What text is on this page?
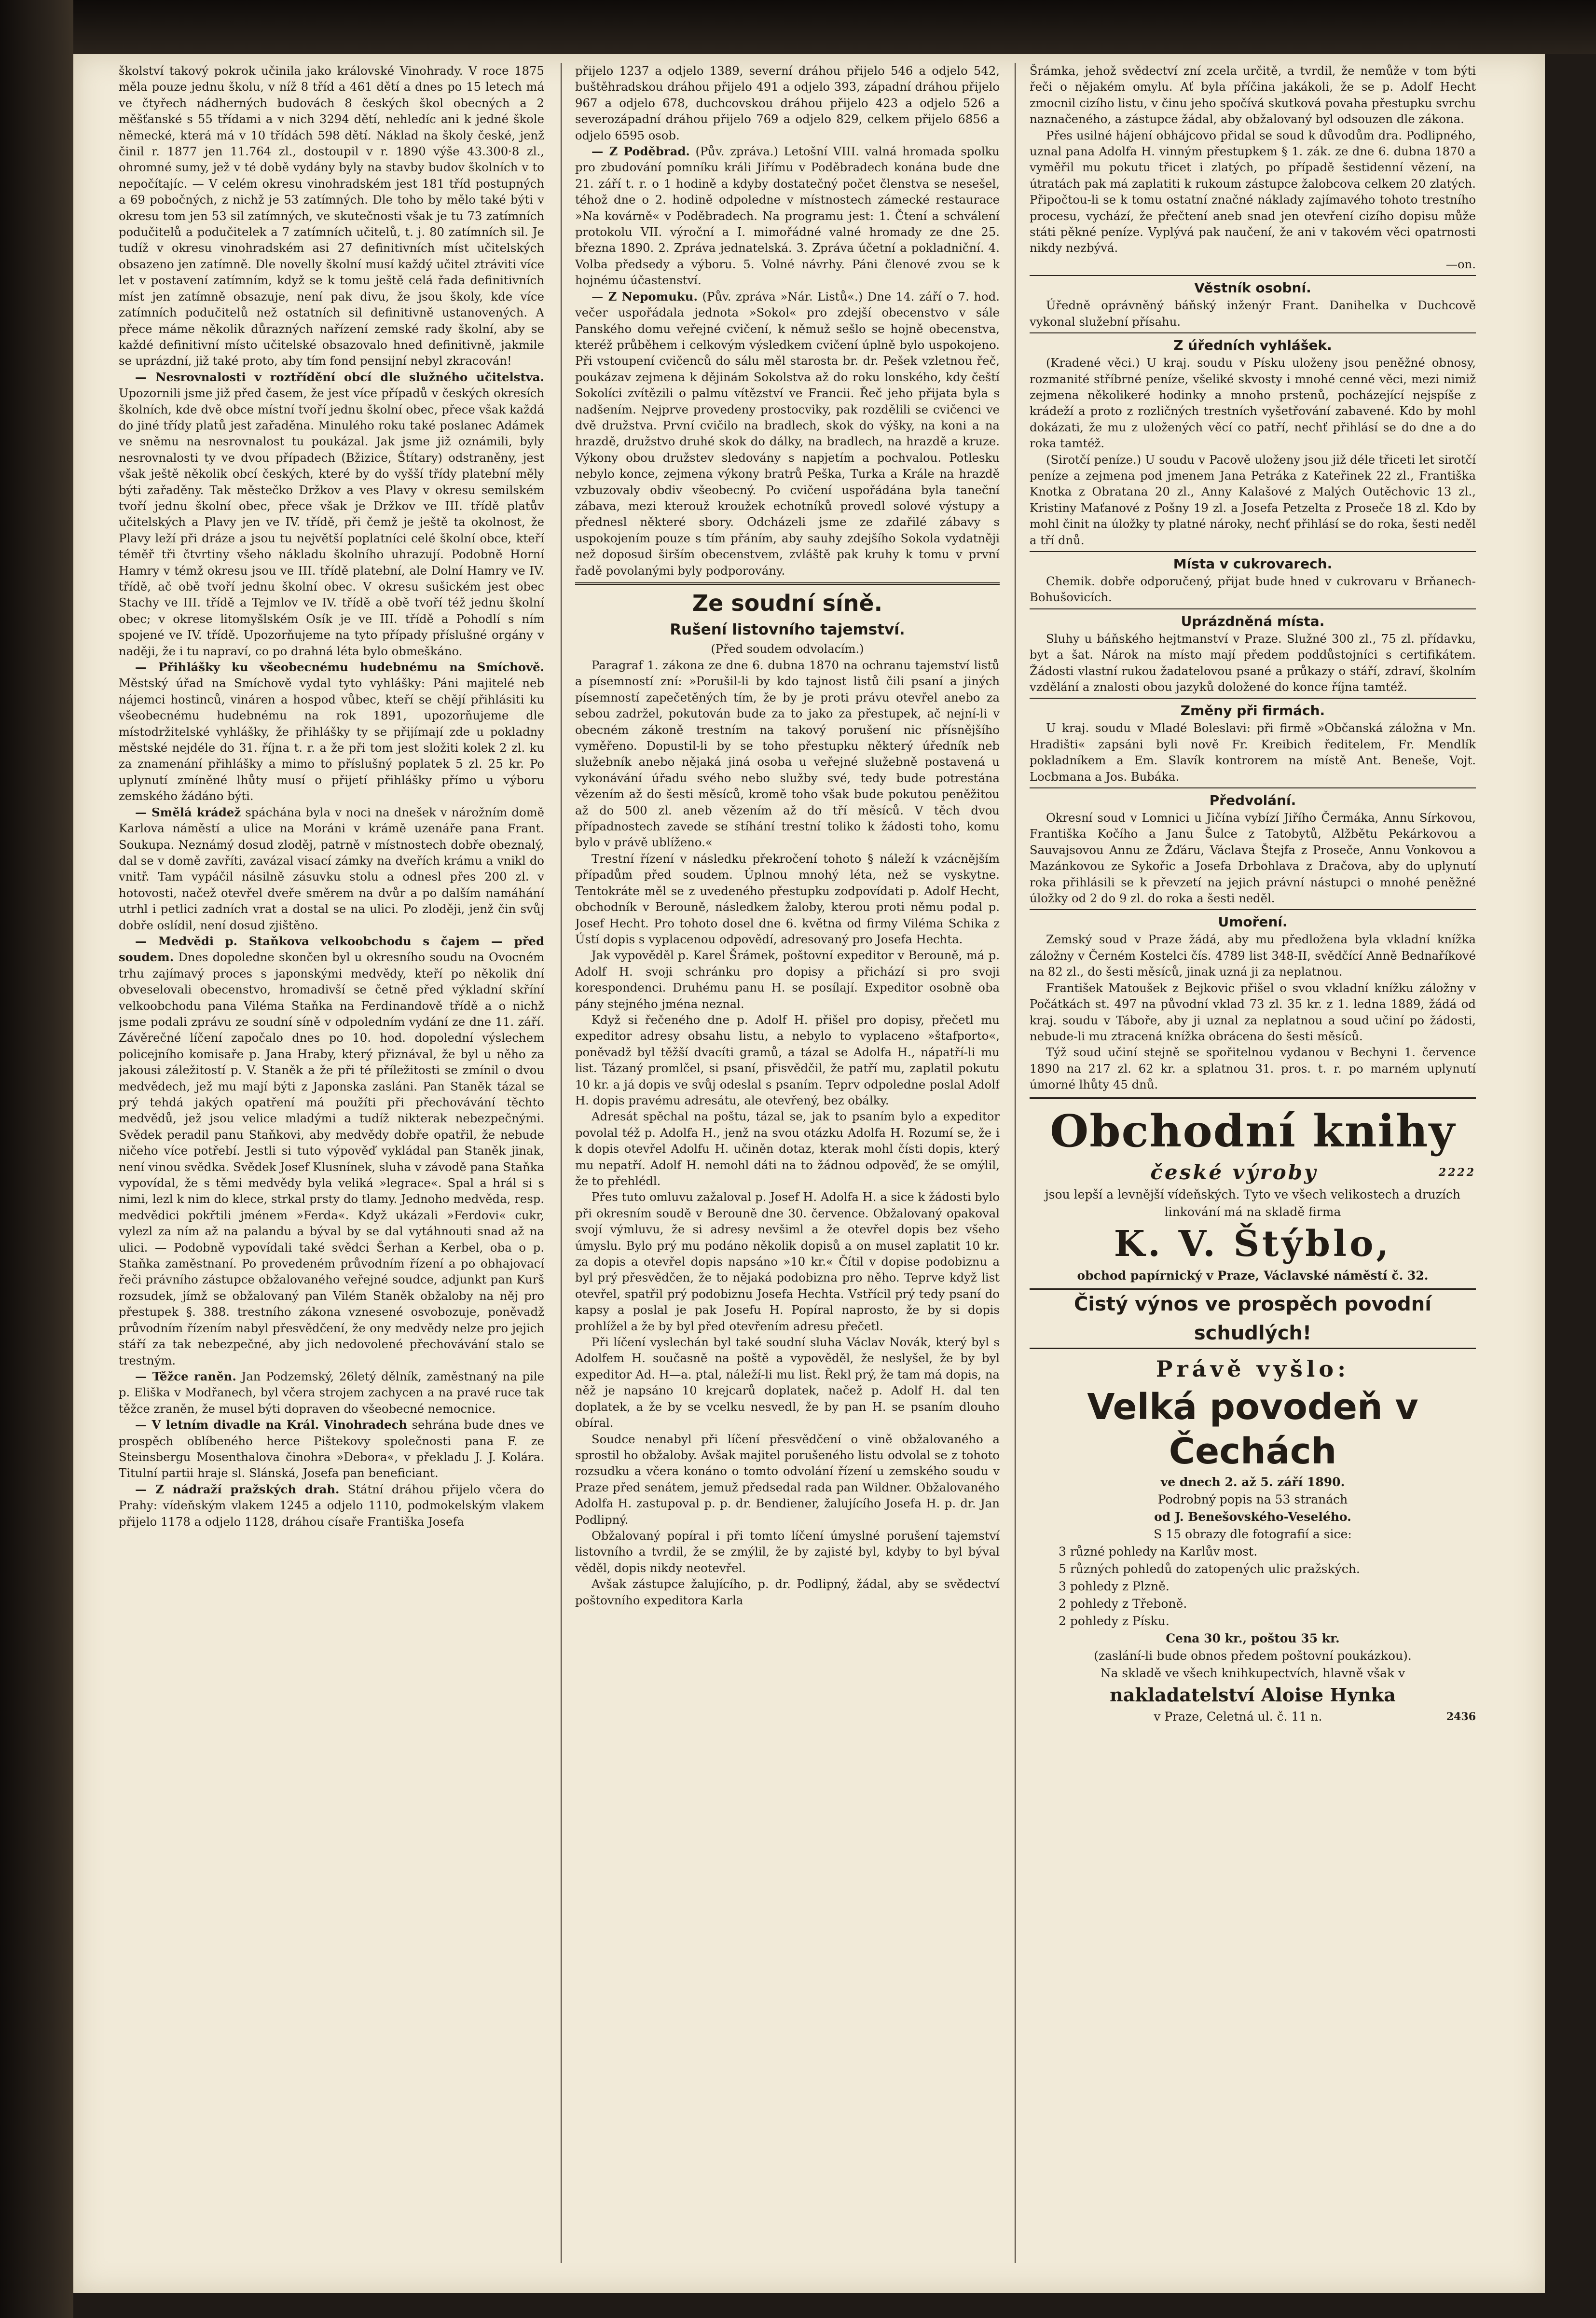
školství takový pokrok učinila jako královské Vinohrady. V roce 1875 měla pouze jednu školu, v níž 8 tříd a 461 dětí a dnes po 15 letech má ve čtyřech nádherných budovách 8 českých škol obecných a 2 měšťanské s 55 třídami a v nich 3294 dětí, nehledíc ani k jedné škole německé, která má v 10 třídách 598 dětí. Náklad na školy české, jenž činil r. 1877 jen 11.764 zl., dostoupil v r. 1890 výše 43.300·8 zl., ohromné sumy, jež v té době vydány byly na stavby budov školních v to nepočítajíc. — V celém okresu vinohradském jest 181 tříd postupných a 69 pobočných, z nichž je 53 zatímných. Dle toho by mělo také býti v okresu tom jen 53 sil zatímných, ve skutečnosti však je tu 73 zatímních podučitelů a podučitelek a 7 zatímních učitelů, t. j. 80 zatímních sil. Je tudíž v okresu vinohradském asi 27 definitivních míst učitelských obsazeno jen zatímně. Dle novelly školní musí každý učitel ztráviti více let v postavení zatímním, když se k tomu ještě celá řada definitivních míst jen zatímně obsazuje, není pak divu, že jsou školy, kde více zatímních podučitelů než ostatních sil definitivně ustanovených. A přece máme několik důrazných nařízení zemské rady školní, aby se každé definitivní místo učitelské obsazovalo hned definitivně, jakmile se uprázdní, již také proto, aby tím fond pensijní nebyl zkracován!

— Nesrovnalosti v roztřídění obcí dle služného učitelstva. Upozornili jsme již před časem, že jest více případů v českých okresích školních, kde dvě obce místní tvoří jednu školní obec, přece však každá do jiné třídy platů jest zařaděna. Minulého roku také poslanec Adámek ve sněmu na nesrovnalost tu poukázal. Jak jsme již oznámili, byly nesrovnalosti ty ve dvou případech (Bžizice, Štítary) odstraněny, jest však ještě několik obcí českých, které by do vyšší třídy platební měly býti zařaděny. Tak městečko Držkov a ves Plavy v okresu semilském tvoří jednu školní obec, přece však je Držkov ve III. třídě platův učitelských a Plavy jen ve IV. třídě, při čemž je ještě ta okolnost, že Plavy leží při dráze a jsou tu největší poplatníci celé školní obce, kteří téměř tři čtvrtiny všeho nákladu školního uhrazují. Podobně Horní Hamry v témž okresu jsou ve III. třídě platební, ale Dolní Hamry ve IV. třídě, ač obě tvoří jednu školní obec. V okresu sušickém jest obec Stachy ve III. třídě a Tejmlov ve IV. třídě a obě tvoří též jednu školní obec; v okrese litomyšlském Osík je ve III. třídě a Pohodlí s ním spojené ve IV. třídě. Upozorňujeme na tyto případy příslušné orgány v naději, že i tu napraví, co po drahná léta bylo obmeškáno.

— Přihlášky ku všeobecnému hudebnému na Smíchově. Městský úřad na Smíchově vydal tyto vyhlášky: Páni majitelé neb nájemci hostinců, vináren a hospod vůbec, kteří se chějí přihlásiti ku všeobecnému hudebnému na rok 1891, upozorňujeme dle místodržitelské vyhlášky, že přihlášky ty se přijímají zde u pokladny městské nejdéle do 31. října t. r. a že při tom jest složiti kolek 2 zl. ku za znamenání přihlášky a mimo to příslušný poplatek 5 zl. 25 kr. Po uplynutí zmíněné lhůty musí o přijetí přihlášky přímo u výboru zemského žádáno býti.

— Smělá krádež spáchána byla v noci na dnešek v nárožním domě Karlova náměstí a ulice na Moráni v krámě uzenáře pana Frant. Soukupa. Neznámý dosud zloděj, patrně v místnostech dobře obeznalý, dal se v domě zavříti, zavázal visací zámky na dveřích krámu a vnikl do vnitř. Tam vypáčil násilně zásuvku stolu a odnesl přes 200 zl. v hotovosti, načež otevřel dveře směrem na dvůr a po dalším namáhání utrhl i petlici zadních vrat a dostal se na ulici. Po zloději, jenž čin svůj dobře oslídil, není dosud zjištěno.

— Medvědi p. Staňkova velkoobchodu s čajem — před soudem. Dnes dopoledne skončen byl u okresního soudu na Ovocném trhu zajímavý proces s japonskými medvědy, kteří po několik dní obveselovali obecenstvo, hromadivší se četně před výkladní skříní velkoobchodu pana Viléma Staňka na Ferdinandově třídě a o nichž jsme podali zprávu ze soudní síně v odpoledním vydání ze dne 11. září. Závěrečné líčení započalo dnes po 10. hod. dopolední výslechem policejního komisaře p. Jana Hraby, který přiznával, že byl u něho za jakousi záležitostí p. V. Staněk a že při té příležitosti se zmínil o dvou medvědech, jež mu mají býti z Japonska zasláni. Pan Staněk tázal se prý tehdá jakých opatření má použíti při přechovávání těchto medvědů, jež jsou velice mladými a tudíž nikterak nebezpečnými. Svědek peradil panu Staňkovi, aby medvědy dobře opatřil, že nebude ničeho více potřebí. Jestli si tuto výpověď vykládal pan Staněk jinak, není vinou svědka. Svědek Josef Klusnínek, sluha v závodě pana Staňka vypovídal, že s těmi medvědy byla veliká »legrace«. Spal a hrál si s nimi, lezl k nim do klece, strkal prsty do tlamy. Jednoho medvěda, resp. medvědici pokřtili jménem »Ferda«. Když ukázali »Ferdovi« cukr, vylezl za ním až na palandu a býval by se dal vytáhnouti snad až na ulici. — Podobně vypovídali také svědci Šerhan a Kerbel, oba o p. Staňka zaměstnaní. Po provedeném průvodním řízení a po obhajovací řeči právního zástupce obžalovaného veřejné soudce, adjunkt pan Kurš rozsudek, jímž se obžalovaný pan Vilém Staněk obžaloby na něj pro přestupek §. 388. trestního zákona vznesené osvobozuje, poněvadž průvodním řízením nabyl přesvědčení, že ony medvědy nelze pro jejich stáří za tak nebezpečné, aby jich nedovolené přechovávání stalo se trestným.

— Těžce raněn. Jan Podzemský, 26letý dělník, zaměstnaný na pile p. Eliška v Modřanech, byl včera strojem zachycen a na pravé ruce tak těžce zraněn, že musel býti dopraven do všeobecné nemocnice.

— V letním divadle na Král. Vinohradech sehrána bude dnes ve prospěch oblíbeného herce Piš̌tekovy společnosti pana F. ze Steinsbergu Mosenthalova činohra »Debora«, v překladu J. J. Kolára. Titulní partii hraje sl. Slánská, Josefa pan beneficiant.

— Z nádraží pražských drah. Státní dráhou přijelo včera do Prahy: vídeňským vlakem 1245 a odjelo 1110, podmokelským vlakem přijelo 1178 a odjelo 1128, dráhou císaře Františka Josefa

přijelo 1237 a odjelo 1389, severní dráhou přijelo 546 a odjelo 542, buštěhradskou dráhou přijelo 491 a odjelo 393, západní dráhou přijelo 967 a odjelo 678, duchcovskou dráhou přijelo 423 a odjelo 526 a severozápadní dráhou přijelo 769 a odjelo 829, celkem přijelo 6856 a odjelo 6595 osob.

— Z Poděbrad. (Pův. zpráva.) Letošní VIII. valná hromada spolku pro zbudování pomníku králi Jiřímu v Poděbradech konána bude dne 21. září t. r. o 1 hodině a kdyby dostatečný počet členstva se nesešel, téhož dne o 2. hodině odpoledne v místnostech zámecké restaurace »Na kovárně« v Poděbradech. Na programu jest: 1. Čtení a schválení protokolu VII. výroční a I. mimořádné valné hromady ze dne 25. března 1890. 2. Zpráva jednatelská. 3. Zpráva účetní a pokladniční. 4. Volba předsedy a výboru. 5. Volné návrhy. Páni členové zvou se k hojnému účastenství.

— Z Nepomuku. (Pův. zpráva »Nár. Listů«.) Dne 14. září o 7. hod. večer uspořádala jednota »Sokol« pro zdejší obecenstvo v sále Panského domu veřejné cvičení, k němuž sešlo se hojně obecenstva, kteréž průběhem i celkovým výsledkem cvičení úplně bylo uspokojeno. Při vstoupení cvičenců do sálu měl starosta br. dr. Pešek vzletnou řeč, poukázav zejmena k dějinám Sokolstva až do roku lonského, kdy čeští Sokolíci zvítězili o palmu vítězství ve Francii. Řeč jeho přijata byla s nadšením. Nejprve provedeny prostocviky, pak rozdělili se cvičenci ve dvě družstva. První cvičilo na bradlech, skok do výšky, na koni a na hrazdě, družstvo druhé skok do dálky, na bradlech, na hrazdě a kruze. Výkony obou družstev sledovány s napjetím a pochvalou. Potlesku nebylo konce, zejmena výkony bratrů Peška, Turka a Krále na hrazdě vzbuzovaly obdiv všeobecný. Po cvičení uspořádána byla taneční zábava, mezi kterouž kroužek echotníků provedl solové výstupy a přednesl některé sbory. Odcházeli jsme ze zdařilé zábavy s uspokojením pouze s tím přáním, aby sauhy zdejšího Sokola vydatněji než doposud širším obecenstvem, zvláště pak kruhy k tomu v první řadě povolanými byly podporovány.

Ze soudní síně.
Rušení listovního tajemství.
(Před soudem odvolacím.)

Paragraf 1. zákona ze dne 6. dubna 1870 na ochranu tajemství listů a písemností zní: »Porušil-li by kdo tajnost listů čili psaní a jiných písemností zapečetěných tím, že by je proti právu otevřel anebo za sebou zadržel, pokutován bude za to jako za přestupek, ač nejní-li v obecném zákoně trestním na takový porušení nic přísnějšího vyměřeno. Dopustil-li by se toho přestupku některý úředník neb služebník anebo nějaká jiná osoba u veřejné služebně postavená u vykonávání úřadu svého nebo služby své, tedy bude potrestána vězením až do šesti měsíců, kromě toho však bude pokutou peněžitou až do 500 zl. aneb vězením až do tří měsíců. V těch dvou případnostech zavede se stíhání trestní toliko k žádosti toho, komu bylo v právě ublíženo.«

Trestní řízení v následku překročení tohoto § náleží k vzácnějším případům před soudem. Úplnou mnohý léta, než se vyskytne. Tentokráte měl se z uvedeného přestupku zodpovídati p. Adolf Hecht, obchodník v Berouně, následkem žaloby, kterou proti němu podal p. Josef Hecht. Pro tohoto dosel dne 6. května od firmy Viléma Schika z Ústí dopis s vyplacenou odpovědí, adresovaný pro Josefa Hechta.

Jak vypověděl p. Karel Šrámek, poštovní expeditor v Berouně, má p. Adolf H. svoji schránku pro dopisy a přichází si pro svoji korespondenci. Druhému panu H. se posílají. Expeditor osobně oba pány stejného jména neznal.

Když si řečeného dne p. Adolf H. přišel pro dopisy, přečetl mu expeditor adresy obsahu listu, a nebylo to vyplaceno »štafporto«, poněvadž byl těžší dvacíti gramů, a tázal se Adolfa H., nápatří-li mu list. Tázaný promlčel, si psaní, přisvědčil, že patří mu, zaplatil pokutu 10 kr. a já dopis ve svůj odeslal s psaním. Teprv odpoledne poslal Adolf H. dopis pravému adresátu, ale otevřený, bez obálky.

Adresát spěchal na poštu, tázal se, jak to psaním bylo a expeditor povolal též p. Adolfa H., jenž na svou otázku Adolfa H. Rozumí se, že i k dopis otevřel Adolfu H. učiněn dotaz, kterak mohl čísti dopis, který mu nepatří. Adolf H. nemohl dáti na to žádnou odpověď, že se omýlil, že to přehlédl.

Přes tuto omluvu zažaloval p. Josef H. Adolfa H. a sice k žádosti bylo při okresním soudě v Berouně dne 30. července. Obžalovaný opakoval svojí výmluvu, že si adresy nevšiml a že otevřel dopis bez všeho úmyslu. Bylo prý mu podáno několik dopisů a on musel zaplatit 10 kr. za dopis a otevřel dopis napsáno »10 kr.« Čítil v dopise podobiznu a byl prý přesvědčen, že to nějaká podobizna pro něho. Teprve když list otevřel, spatřil prý podobiznu Josefa Hechta. Vstřícil prý tedy psaní do kapsy a poslal je pak Josefu H. Popíral naprosto, že by si dopis prohlížel a že by byl před otevřením adresu přečetl.

Při líčení vyslechán byl také soudní sluha Václav Novák, který byl s Adolfem H. současně na poště a vypověděl, že neslyšel, že by byl expeditor Ad. H—a. ptal, náleží-li mu list. Řekl prý, že tam má dopis, na něž je napsáno 10 krejcarů doplatek, načež p. Adolf H. dal ten doplatek, a že by se vcelku nesvedl, že by pan H. se psaním dlouho obíral.

Soudce nenabyl při líčení přesvědčení o vině obžalovaného a sprostil ho obžaloby. Avšak majitel porušeného listu odvolal se z tohoto rozsudku a včera konáno o tomto odvolání řízení u zemského soudu v Praze před senátem, jemuž předsedal rada pan Wildner. Obžalovaného Adolfa H. zastupoval p. p. dr. Bendiener, žalujícího Josefa H. p. dr. Jan Podlipný.

Obžalovaný popíral i při tomto líčení úmyslné porušení tajemství listovního a tvrdil, že se zmýlil, že by zajisté byl, kdyby to byl býval věděl, dopis nikdy neotevřel.

Avšak zástupce žalujícího, p. dr. Podlipný, žádal, aby se svědectví poštovního expeditora Karla

Šrámka, jehož svědectví zní zcela určitě, a tvrdil, že nemůže v tom býti řeči o nějakém omylu. Ať byla příčina jakákoli, že se p. Adolf Hecht zmocnil cizího listu, v činu jeho spočívá skutková povaha přestupku svrchu naznačeného, a zástupce žádal, aby obžalovaný byl odsouzen dle zákona.

Přes usilné hájení obhájcovo přidal se soud k důvodům dra. Podlipného, uznal pana Adolfa H. vinným přestupkem § 1. zák. ze dne 6. dubna 1870 a vyměřil mu pokutu třicet i zlatých, po případě šestidenní vězení, na útratách pak má zaplatiti k rukoum zástupce žalobcova celkem 20 zlatých. Připočtou-li se k tomu ostatní značné náklady zajímavého tohoto trestního procesu, vychází, že přečtení aneb snad jen otevření cizího dopisu může státi pěkné peníze. Vyplývá pak naučení, že ani v takovém věci opatrnosti nikdy nezbývá.

—on.
Věstník osobní.

Úředně oprávněný báňský inženýr Frant. Danihelka v Duchcově vykonal služební přísahu.

Z úředních vyhlášek.

(Kradené věci.) U kraj. soudu v Písku uloženy jsou peněžné obnosy, rozmanité stříbrné peníze, všeliké skvosty i mnohé cenné věci, mezi nimiž zejmena několikeré hodinky a mnoho prstenů, pocházející nejspíše z krádeží a proto z rozličných trestních vyšetřování zabavené. Kdo by mohl dokázati, že mu z uložených věcí co patří, nechť přihlásí se do dne a do roka tamtéž.

(Sirotčí peníze.) U soudu v Pacově uloženy jsou již déle třiceti let sirotčí peníze a zejmena pod jmenem Jana Petráka z Kateřinek 22 zl., Františka Knotka z Obratana 20 zl., Anny Kalašové z Malých Outěchovic 13 zl., Kristiny Maťanové z Pošny 19 zl. a Josefa Petzelta z Proseče 18 zl. Kdo by mohl činit na úložky ty platné nároky, nechť přihlásí se do roka, šesti neděl a tří dnů.

Místa v cukrovarech.

Chemik. dobře odporučený, přijat bude hned v cukrovaru v Brňanech-Bohušovicích.

Uprázdněná místa.

Sluhy u báňského hejtmanství v Praze. Služné 300 zl., 75 zl. přídavku, byt a šat. Nárok na místo mají předem poddůstojníci s certifikátem. Žádosti vlastní rukou žadatelovou psané a průkazy o stáří, zdraví, školním vzdělání a znalosti obou jazyků doložené do konce října tamtéž.

Změny při firmách.

U kraj. soudu v Mladé Boleslavi: při firmě »Občanská záložna v Mn. Hradišti« zapsáni byli nově Fr. Kreibich ředitelem, Fr. Mendlík pokladníkem a Em. Slavík kontrorem na místě Ant. Beneše, Vojt. Locbmana a Jos. Bubáka.

Předvolání.

Okresní soud v Lomnici u Jičína vybízí Jiřího Čermáka, Annu Sírkovou, Františka Kočího a Janu Šulce z Tatobytů, Alžbětu Pekárkovou a Sauvajsovou Annu ze Žďáru, Václava Štejfa z Proseče, Annu Vonkovou a Mazánkovou ze Sykořic a Josefa Drbohlava z Dračova, aby do uplynutí roka přihlásili se k převzetí na jejich právní nástupci o mnohé peněžné úložky od 2 do 9 zl. do roka a šesti neděl.

Umoření.

Zemský soud v Praze žádá, aby mu předložena byla vkladní knížka záložny v Černém Kostelci čís. 4789 list 348-II, svědčící Anně Bednaříkové na 82 zl., do šesti měsíců, jinak uzná ji za neplatnou.

František Matoušek z Bejkovic přišel o svou vkladní knížku záložny v Počátkách st. 497 na původní vklad 73 zl. 35 kr. z 1. ledna 1889, žádá od kraj. soudu v Táboře, aby ji uznal za neplatnou a soud učiní po žádosti, nebude-li mu ztracená knížka obrácena do šesti měsíců.

Týž soud učiní stejně se spořitelnou vydanou v Bechyni 1. července 1890 na 217 zl. 62 kr. a splatnou 31. pros. t. r. po marném uplynutí úmorné lhůty 45 dnů.

Obchodní knihy
české výroby	2222
jsou lepší a levnější vídeňských. Tyto ve všech velikostech a druzích linkování má na skladě firma
K. V. Štýblo,
obchod papírnický v Praze, Václavské náměstí č. 32.
Čistý výnos ve prospěch povodní schudlých!
Právě vyšlo:
Velká povodeň v Čechách
ve dnech 2. až 5. září 1890.
Podrobný popis na 53 stranách
od J. Benešovského-Veselého.
S 15 obrazy dle fotografií a sice:
3 různé pohledy na Karlův most.
5 různých pohledů do zatopených ulic pražských.
3 pohledy z Plzně.
2 pohledy z Třeboně.
2 pohledy z Písku.
Cena 30 kr., poštou 35 kr.
(zaslání-li bude obnos předem poštovní poukázkou).
Na skladě ve všech knihkupectvích, hlavně však v
nakladatelství Aloise Hynka
v Praze, Celetná ul. č. 11 n.	2436
